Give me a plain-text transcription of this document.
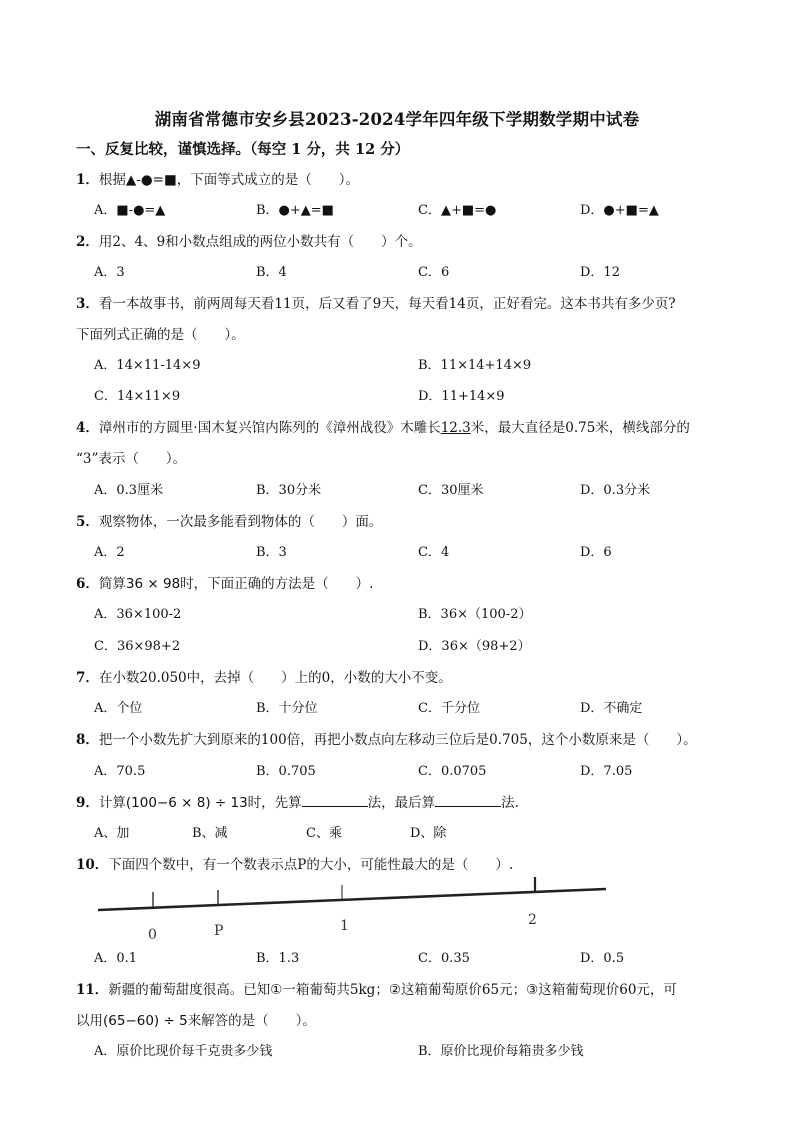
湖南省常德市安乡县2023-2024学年四年级下学期数学期中试卷
一、反复比较，谨慎选择。（每空 1 分，共 12 分）
1．根据▲-●=■，下面等式成立的是（　　）。
A．■-●=▲	B．●+▲=■	C．▲+■=●	D．●+■=▲
2．用2、4、9和小数点组成的两位小数共有（　　）个。
A．3	B．4	C．6	D．12
3．看一本故事书，前两周每天看11页，后又看了9天，每天看14页，正好看完。这本书共有多少页?
下面列式正确的是（　　）。
A．14×11-14×9	B．11×14+14×9
C．14×11×9	D．11+14×9
4．漳州市的方圆里·国木复兴馆内陈列的《漳州战役》木雕长12.3米，最大直径是0.75米，横线部分的
“3”表示（　　）。
A．0.3厘米	B．30分米	C．30厘米	D．0.3分米
5．观察物体，一次最多能看到物体的（　　）面。
A．2	B．3	C．4	D．6
6．简算36 × 98时，下面正确的方法是（　　）.
A．36×100-2	B．36×（100-2）
C．36×98+2	D．36×（98+2）
7．在小数20.050中，去掉（　　）上的0，小数的大小不变。
A．个位	B．十分位	C．千分位	D．不确定
8．把一个小数先扩大到原来的100倍，再把小数点向左移动三位后是0.705，这个小数原来是（　　）。
A．70.5	B．0.705	C．0.0705	D．7.05
9．计算(100−6 × 8) ÷ 13时，先算	法，最后算	法.
A、加	B、减	C、乘	D、除
10．下面四个数中，有一个数表示点P的大小，可能性最大的是（　　）.
0	P	1	2
A．0.1	B．1.3	C．0.35	D．0.5
11．新疆的葡萄甜度很高。已知①一箱葡萄共5kg；②这箱葡萄原价65元；③这箱葡萄现价60元，可
以用(65−60) ÷ 5来解答的是（　　）。
A．原价比现价每千克贵多少钱	B．原价比现价每箱贵多少钱
